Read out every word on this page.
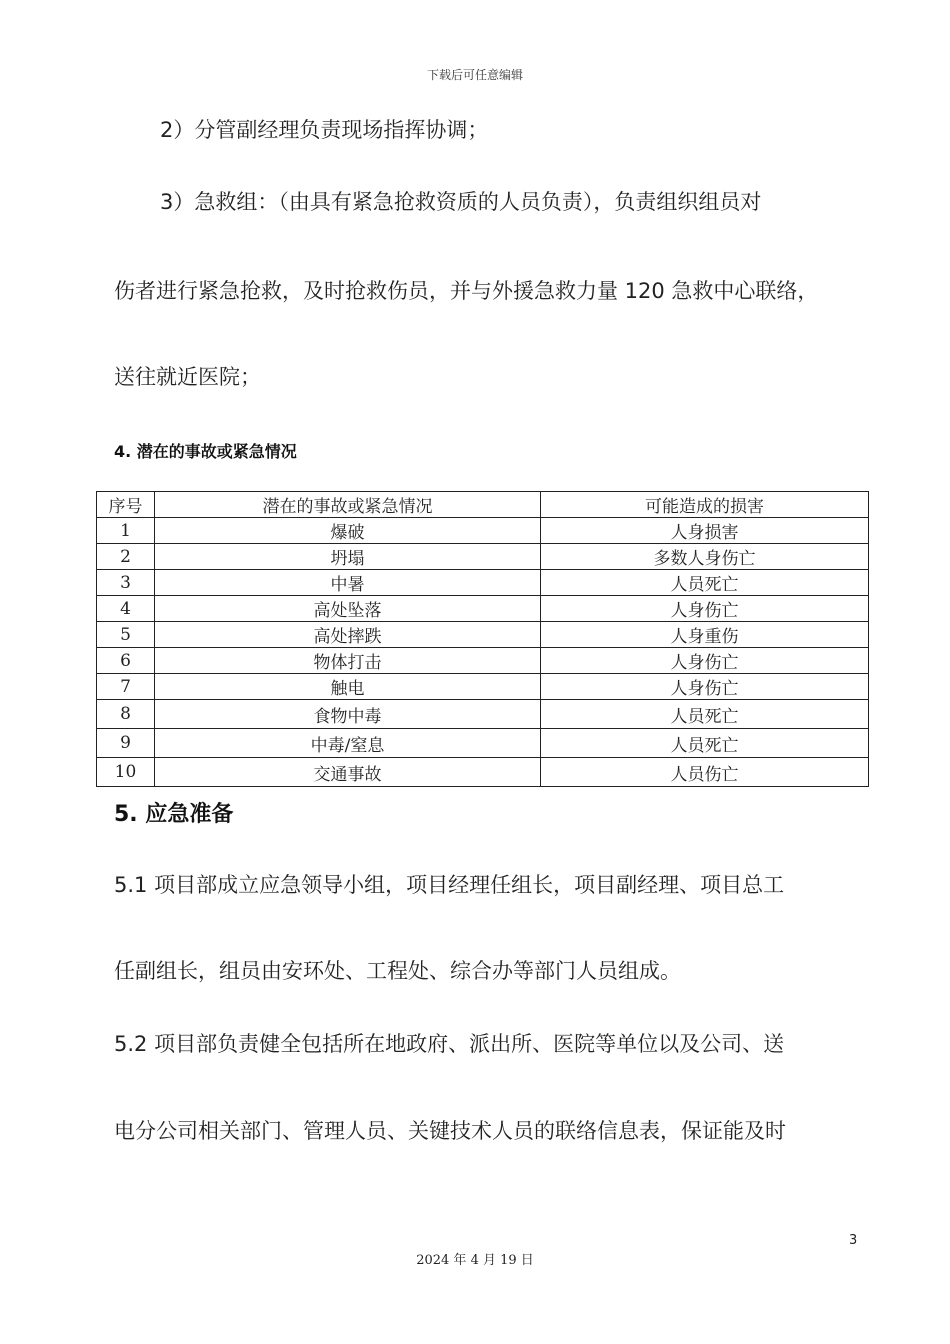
下载后可任意编辑
2）分管副经理负责现场指挥协调；
3）急救组：（由具有紧急抢救资质的人员负责），负责组织组员对
伤者进行紧急抢救，及时抢救伤员，并与外援急救力量 120 急救中心联络，
送往就近医院；
4. 潜在的事故或紧急情况
序号	潜在的事故或紧急情况	可能造成的损害
1	爆破	人身损害
2	坍塌	多数人身伤亡
3	中暑	人员死亡
4	高处坠落	人身伤亡
5	高处摔跌	人身重伤
6	物体打击	人身伤亡
7	触电	人身伤亡
8	食物中毒	人员死亡
9	中毒/窒息	人员死亡
10	交通事故	人员伤亡
5. 应急准备
5.1 项目部成立应急领导小组，项目经理任组长，项目副经理、项目总工
任副组长，组员由安环处、工程处、综合办等部门人员组成。
5.2 项目部负责健全包括所在地政府、派出所、医院等单位以及公司、送
电分公司相关部门、管理人员、关键技术人员的联络信息表，保证能及时
3
2024 年 4 月 19 日
